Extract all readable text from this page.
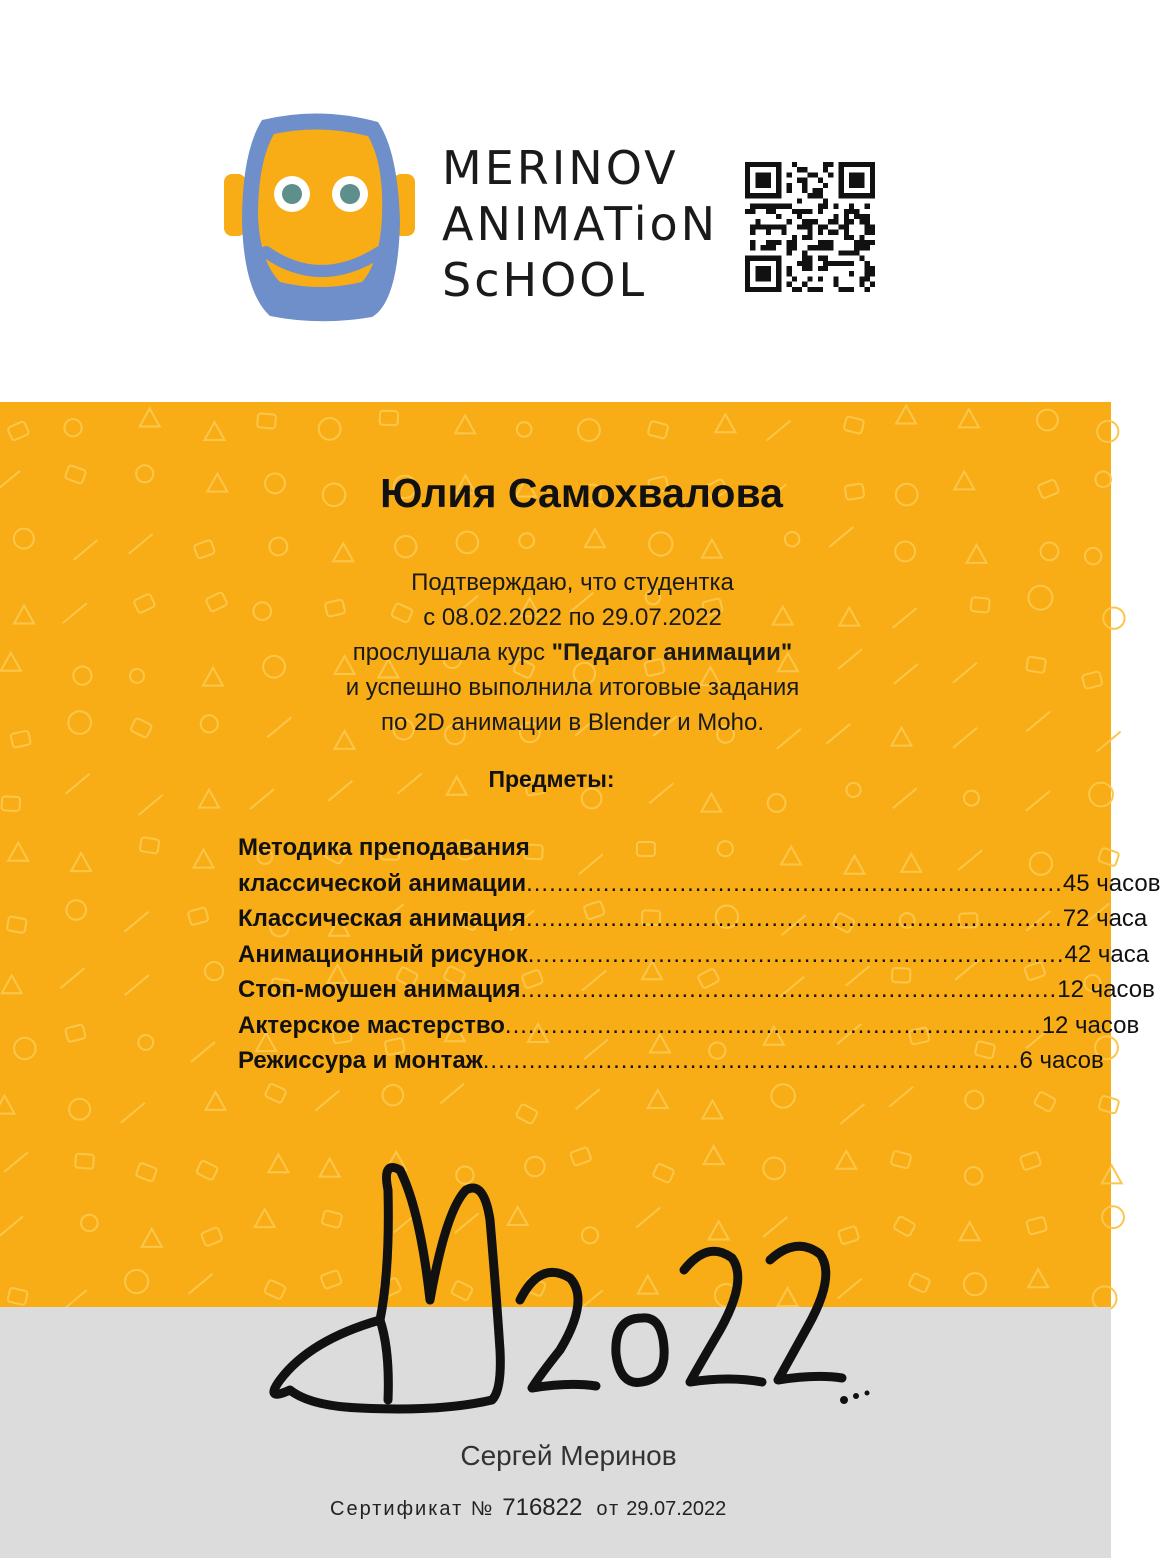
MERINOV
ANIMATioN
ScHOOL
Юлия Самохвалова
Подтверждаю, что студентка
с 08.02.2022 по 29.07.2022
прослушала курс "Педагог анимации"
и успешно выполнила итоговые задания
по 2D анимации в Blender и Moho.
Предметы:
Методика преподавания
классической анимации ...................................................................... 45 часов
Классическая анимация ...................................................................... 72 часа
Анимационный рисунок ...................................................................... 42 часа
Стоп-моушен анимация ...................................................................... 12 часов
Актерское мастерство ...................................................................... 12 часов
Режиссура и монтаж ...................................................................... 6 часов
Сергей Меринов
Сертификат № 716822 от 29.07.2022
